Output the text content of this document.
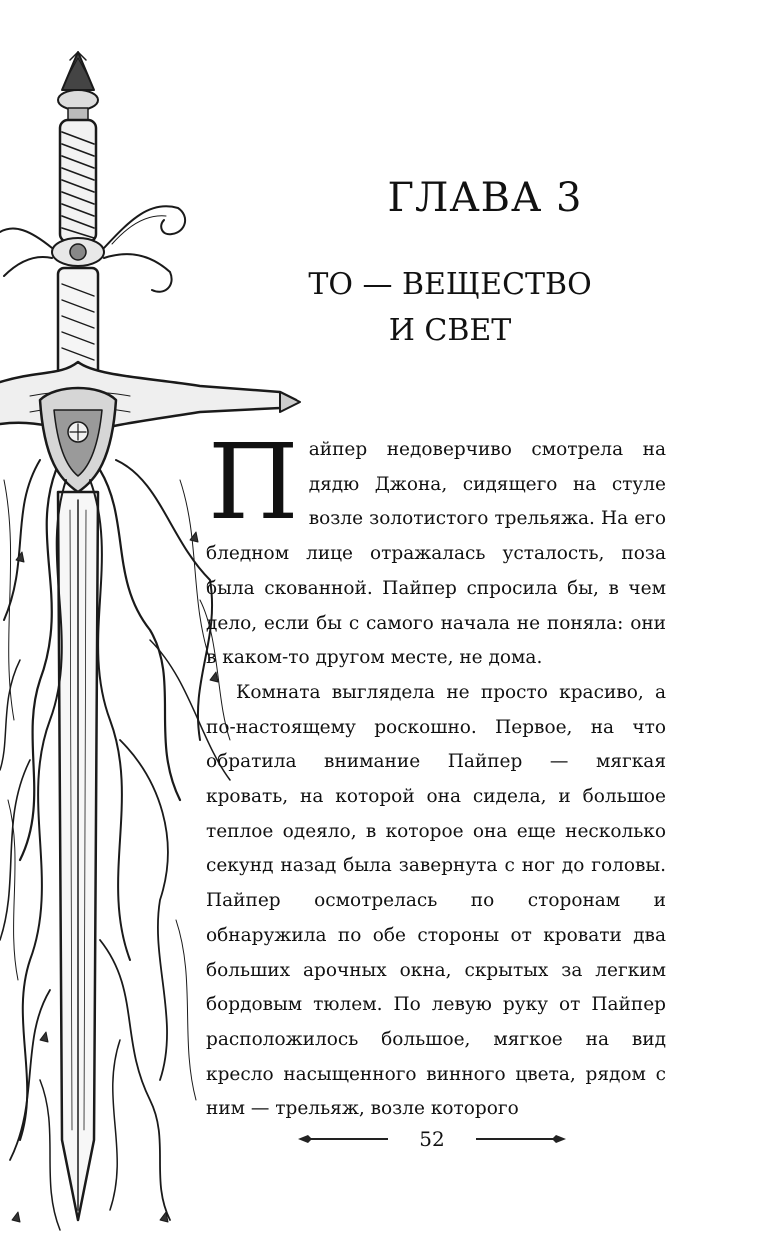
ГЛАВА 3
ТО — ВЕЩЕСТВО
И СВЕТ

Пайпер недоверчиво смотрела на дядю Джона, сидящего на стуле возле золотистого трельяжа. На его бледном лице отражалась усталость, поза была скованной. Пайпер спросила бы, в чем дело, если бы с самого начала не поняла: они в каком-то другом месте, не дома.

Комната выглядела не просто красиво, а по-настоящему роскошно. Первое, на что обратила внимание Пайпер — мягкая кровать, на которой она сидела, и большое теплое одеяло, в которое она еще несколько секунд назад была завернута с ног до головы. Пайпер осмотрелась по сторонам и обнаружила по обе стороны от кровати два больших арочных окна, скрытых за легким бордовым тюлем. По левую руку от Пайпер расположилось большое, мягкое на вид кресло насыщенного винного цвета, рядом с ним — трельяж, возле которого

52
